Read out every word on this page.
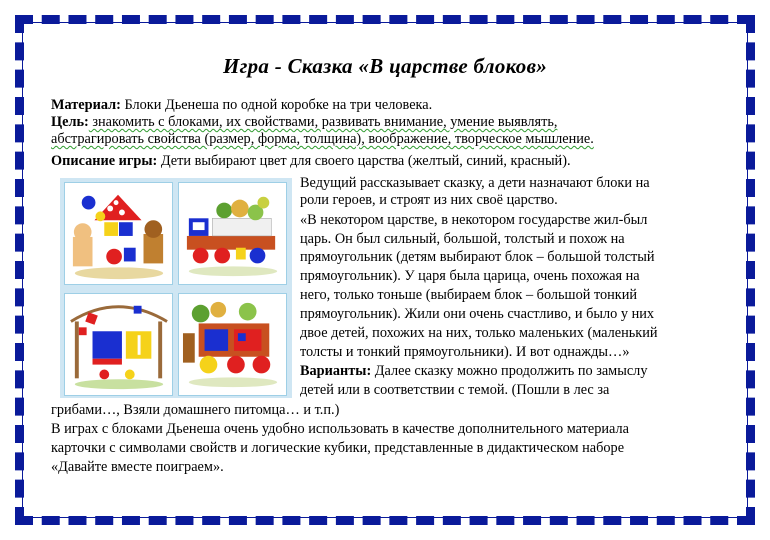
Игра - Сказка «В царстве блоков»
Материал: Блоки Дьенеша по одной коробке на три человека.
Цель: знакомить с блоками, их свойствами, развивать внимание, умение выявлять,
абстрагировать свойства (размер, форма, толщина), воображение, творческое мышление.
Описание игры: Дети выбирают цвет для своего царства (желтый, синий, красный).
Ведущий рассказывает сказку, а дети назначают блоки на
роли героев, и строят из них своё царство.
«В некотором царстве, в некотором государстве жил-был
царь. Он был сильный, большой, толстый и похож на
прямоугольник (детям выбирают блок – большой толстый
прямоугольник). У царя была царица, очень похожая на
него, только тоньше (выбираем блок – большой тонкий
прямоугольник). Жили они очень счастливо, и было у них
двое детей, похожих на них, только маленьких (маленький
толсты и тонкий прямоугольники). И вот однажды…»
Варианты: Далее сказку можно продолжить по замыслу
детей или в соответствии с темой. (Пошли в лес за
грибами…, Взяли домашнего питомца… и т.п.)
В играх с блоками Дьенеша очень удобно использовать в качестве дополнительного материала
карточки с символами свойств и логические кубики, представленные в дидактическом наборе
«Давайте вместе поиграем».
